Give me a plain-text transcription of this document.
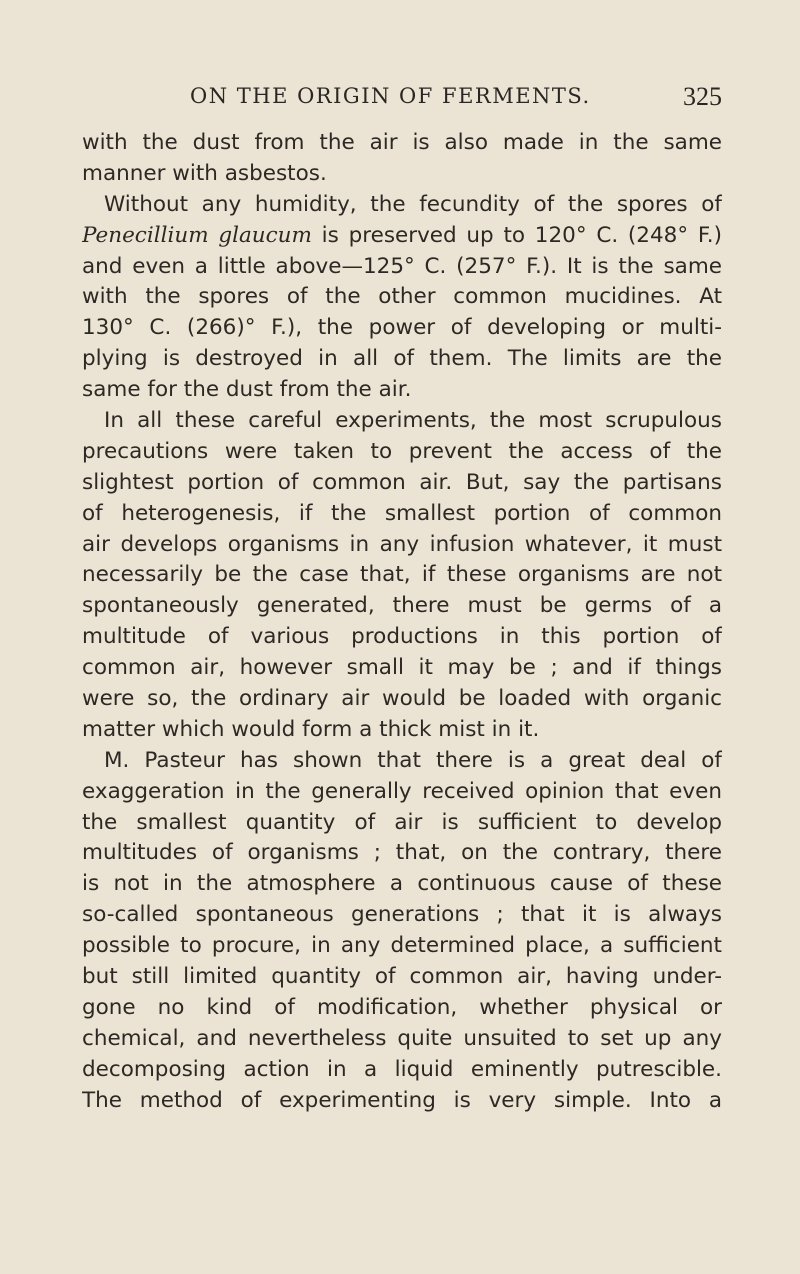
ON THE ORIGIN OF FERMENTS.	325
with the dust from the air is also made in the same
manner with asbestos.
Without any humidity, the fecundity of the spores of
Penecillium glaucum is preserved up to 120° C. (248° F.)
and even a little above—125° C. (257° F.). It is the same
with the spores of the other common mucidines. At
130° C. (266)° F.), the power of developing or multi-
plying is destroyed in all of them. The limits are the
same for the dust from the air.
In all these careful experiments, the most scrupulous
precautions were taken to prevent the access of the
slightest portion of common air. But, say the partisans
of heterogenesis, if the smallest portion of common
air develops organisms in any infusion whatever, it must
necessarily be the case that, if these organisms are not
spontaneously generated, there must be germs of a
multitude of various productions in this portion of
common air, however small it may be ; and if things
were so, the ordinary air would be loaded with organic
matter which would form a thick mist in it.
M. Pasteur has shown that there is a great deal of
exaggeration in the generally received opinion that even
the smallest quantity of air is sufficient to develop
multitudes of organisms ; that, on the contrary, there
is not in the atmosphere a continuous cause of these
so-called spontaneous generations ; that it is always
possible to procure, in any determined place, a sufficient
but still limited quantity of common air, having under-
gone no kind of modification, whether physical or
chemical, and nevertheless quite unsuited to set up any
decomposing action in a liquid eminently putrescible.
The method of experimenting is very simple. Into a
